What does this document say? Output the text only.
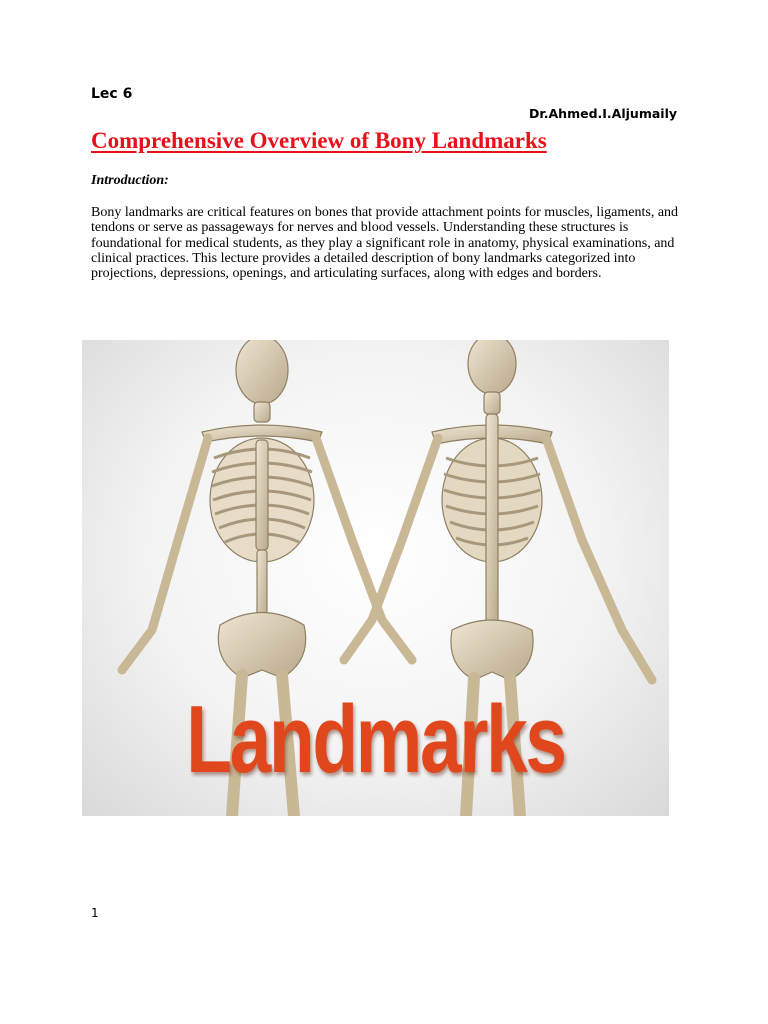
Lec 6
Dr.Ahmed.I.Aljumaily
Comprehensive Overview of Bony Landmarks

Introduction:

Bony landmarks are critical features on bones that provide attachment points for muscles, ligaments, and tendons or serve as passageways for nerves and blood vessels. Understanding these structures is foundational for medical students, as they play a significant role in anatomy, physical examinations, and clinical practices. This lecture provides a detailed description of bony landmarks categorized into projections, depressions, openings, and articulating surfaces, along with edges and borders.

Landmarks
1
